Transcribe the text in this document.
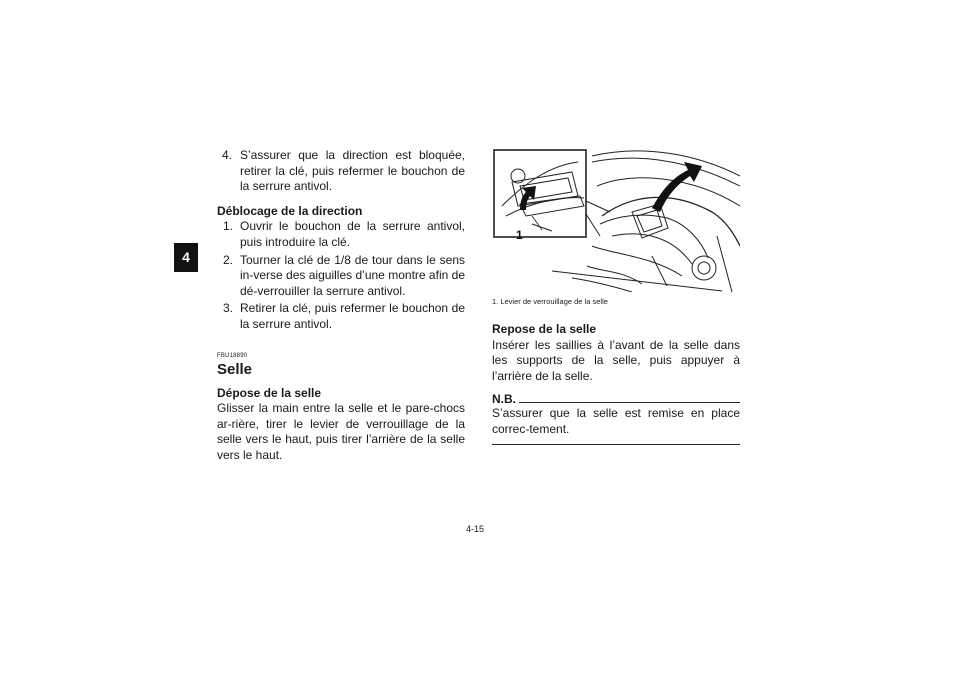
4
4. S’assurer que la direction est bloquée, retirer la clé, puis refermer le bouchon de la serrure antivol.
Déblocage de la direction
1. Ouvrir le bouchon de la serrure antivol, puis introduire la clé.
2. Tourner la clé de 1/8 de tour dans le sens in-verse des aiguilles d’une montre afin de dé-verrouiller la serrure antivol.
3. Retirer la clé, puis refermer le bouchon de la serrure antivol.
FBU18890
Selle
Dépose de la selle

Glisser la main entre la selle et le pare-chocs ar-rière, tirer le levier de verrouillage de la selle vers le haut, puis tirer l’arrière de la selle vers le haut.

1
1. Levier de verrouillage de la selle
Repose de la selle

Insérer les saillies à l’avant de la selle dans les supports de la selle, puis appuyer à l’arrière de la selle.

N.B.

S’assurer que la selle est remise en place correc-tement.

4-15
